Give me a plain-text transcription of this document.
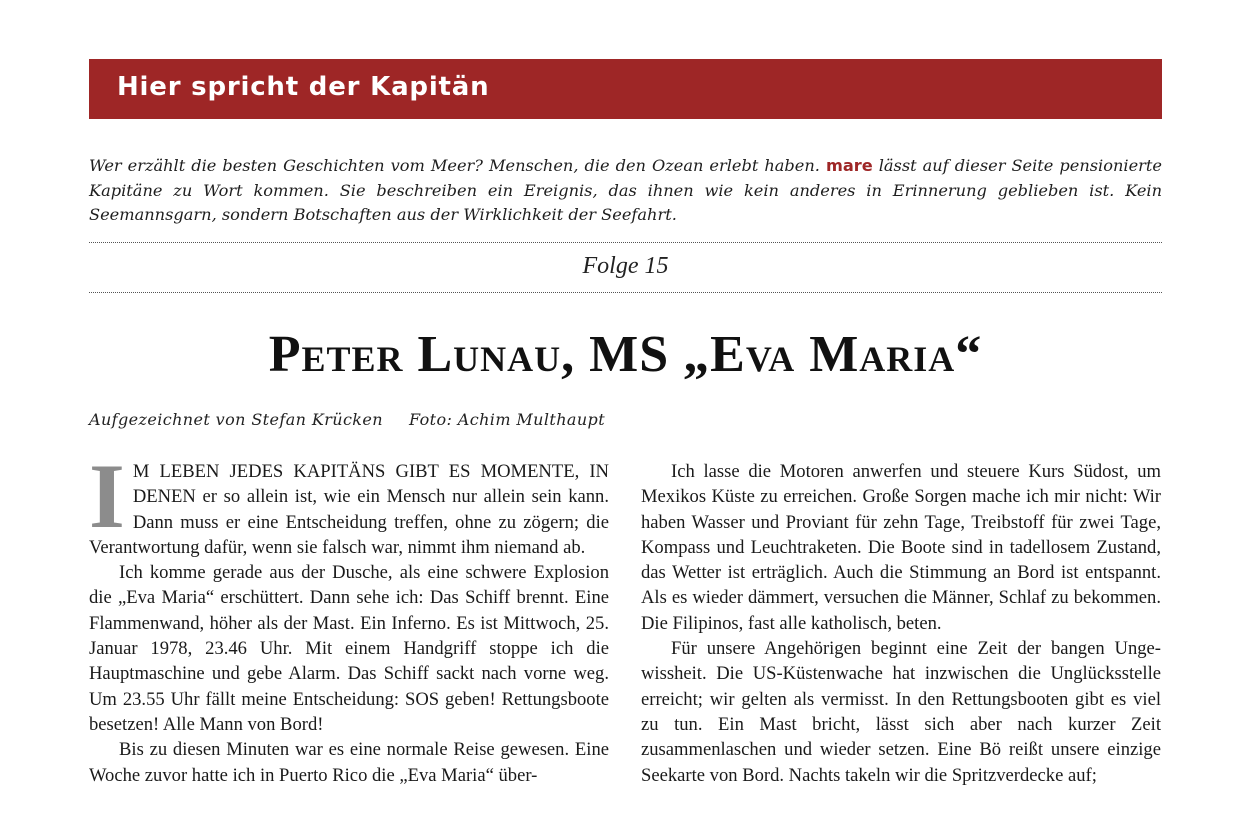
Hier spricht der Kapitän
Wer erzählt die besten Geschichten vom Meer? Menschen, die den Ozean erlebt haben. mare lässt auf dieser Seite pensionierte Kapitäne zu Wort kommen. Sie beschreiben ein Ereignis, das ihnen wie kein anderes in Erinnerung geblieben ist. Kein Seemannsgarn, sondern Botschaften aus der Wirklichkeit der Seefahrt.
Folge 15
Peter Lunau, MS „Eva Maria“
Aufgezeichnet von Stefan Krücken Foto: Achim Multhaupt

IM LEBEN JEDES KAPITÄNS GIBT ES MOMENTE, IN DENEN er so allein ist, wie ein Mensch nur allein sein kann. Dann muss er eine Entscheidung treffen, ohne zu zögern; die Verantwortung dafür, wenn sie falsch war, nimmt ihm niemand ab.

Ich komme gerade aus der Dusche, als eine schwere Explosion die „Eva Maria“ erschüttert. Dann sehe ich: Das Schiff brennt. Eine Flammenwand, höher als der Mast. Ein Inferno. Es ist Mittwoch, 25. Januar 1978, 23.46 Uhr. Mit einem Handgriff stoppe ich die Hauptmaschine und gebe Alarm. Das Schiff sackt nach vorne weg. Um 23.55 Uhr fällt meine Entscheidung: SOS geben! Rettungsboote besetzen! Alle Mann von Bord!

Bis zu diesen Minuten war es eine normale Reise gewesen. Eine Woche zuvor hatte ich in Puerto Rico die „Eva Maria“ über-

Ich lasse die Motoren anwerfen und steuere Kurs Südost, um Mexikos Küste zu erreichen. Große Sorgen mache ich mir nicht: Wir haben Wasser und Proviant für zehn Tage, Treibstoff für zwei Tage, Kompass und Leuchtraketen. Die Boote sind in tadellosem Zustand, das Wetter ist erträglich. Auch die Stimmung an Bord ist entspannt. Als es wieder dämmert, versuchen die Männer, Schlaf zu bekommen. Die Filipinos, fast alle katholisch, beten.

Für unsere Angehörigen beginnt eine Zeit der bangen Ungewissheit. Die US-Küstenwache hat inzwischen die Unglücksstelle erreicht; wir gelten als vermisst. In den Rettungsbooten gibt es viel zu tun. Ein Mast bricht, lässt sich aber nach kurzer Zeit zusammenlaschen und wieder setzen. Eine Bö reißt unsere einzige Seekarte von Bord. Nachts takeln wir die Spritzverdecke auf;
